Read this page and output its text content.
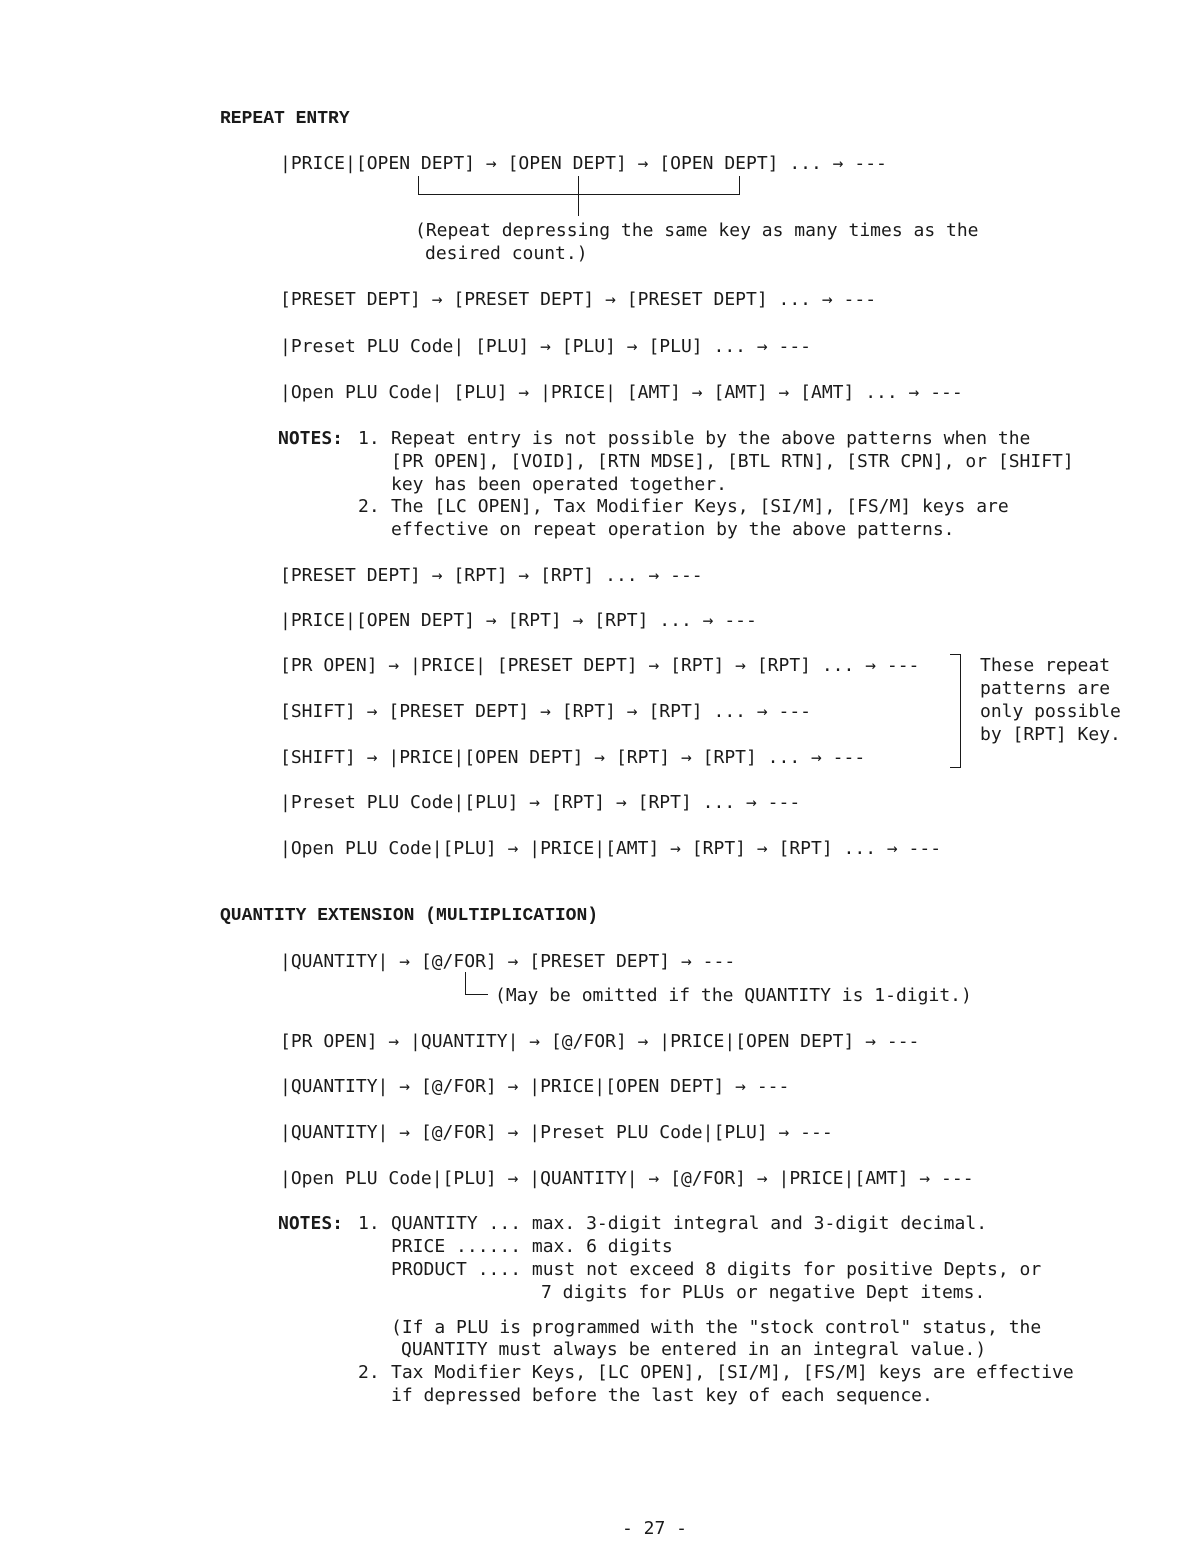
REPEAT ENTRY
|PRICE|[OPEN DEPT] → [OPEN DEPT] → [OPEN DEPT] ... → ---
(Repeat depressing the same key as many times as the
desired count.)
[PRESET DEPT] → [PRESET DEPT] → [PRESET DEPT] ... → ---
|Preset PLU Code| [PLU] → [PLU] → [PLU] ... → ---
|Open PLU Code| [PLU] → |PRICE| [AMT] → [AMT] → [AMT] ... → ---
NOTES: 1. Repeat entry is not possible by the above patterns when the
[PR OPEN], [VOID], [RTN MDSE], [BTL RTN], [STR CPN], or [SHIFT]
key has been operated together.
2. The [LC OPEN], Tax Modifier Keys, [SI/M], [FS/M] keys are
effective on repeat operation by the above patterns.
[PRESET DEPT] → [RPT] → [RPT] ... → ---
|PRICE|[OPEN DEPT] → [RPT] → [RPT] ... → ---
[PR OPEN] → |PRICE| [PRESET DEPT] → [RPT] → [RPT] ... → ---
[SHIFT] → [PRESET DEPT] → [RPT] → [RPT] ... → ---
[SHIFT] → |PRICE|[OPEN DEPT] → [RPT] → [RPT] ... → ---
|Preset PLU Code|[PLU] → [RPT] → [RPT] ... → ---
|Open PLU Code|[PLU] → |PRICE|[AMT] → [RPT] → [RPT] ... → ---
These repeat
patterns are
only possible
by [RPT] Key.
QUANTITY EXTENSION (MULTIPLICATION)
|QUANTITY| → [@/FOR] → [PRESET DEPT] → ---
(May be omitted if the QUANTITY is 1-digit.)
[PR OPEN] → |QUANTITY| → [@/FOR] → |PRICE|[OPEN DEPT] → ---
|QUANTITY| → [@/FOR] → |PRICE|[OPEN DEPT] → ---
|QUANTITY| → [@/FOR] → |Preset PLU Code|[PLU] → ---
|Open PLU Code|[PLU] → |QUANTITY| → [@/FOR] → |PRICE|[AMT] → ---
NOTES: 1. QUANTITY ... max. 3-digit integral and 3-digit decimal.
PRICE ...... max. 6 digits
PRODUCT .... must not exceed 8 digits for positive Depts, or
7 digits for PLUs or negative Dept items.
(If a PLU is programmed with the "stock control" status, the
QUANTITY must always be entered in an integral value.)
2. Tax Modifier Keys, [LC OPEN], [SI/M], [FS/M] keys are effective
if depressed before the last key of each sequence.
- 27 -
